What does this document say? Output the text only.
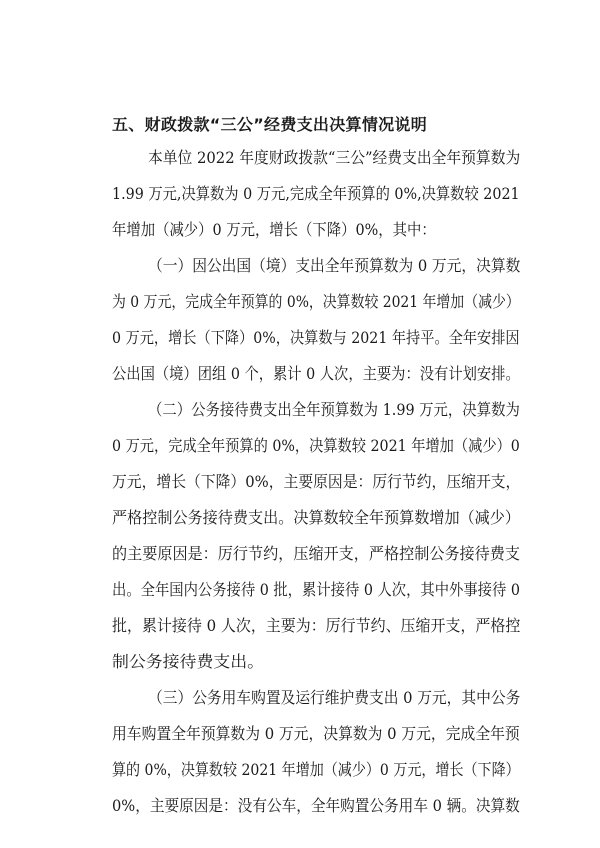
五、财政拨款“三公”经费支出决算情况说明
本单位 2022 年度财政拨款“三公”经费支出全年预算数为
1.99 万元,决算数为 0 万元,完成全年预算的 0%,决算数较 2021
年增加（减少）0 万元，增长（下降）0%，其中：
（一）因公出国（境）支出全年预算数为 0 万元，决算数
为 0 万元，完成全年预算的 0%，决算数较 2021 年增加（减少）
0 万元，增长（下降）0%，决算数与 2021 年持平。全年安排因
公出国（境）团组 0 个，累计 0 人次，主要为：没有计划安排。
（二）公务接待费支出全年预算数为 1.99 万元，决算数为
0 万元，完成全年预算的 0%，决算数较 2021 年增加（减少）0
万元，增长（下降）0%，主要原因是：厉行节约，压缩开支，
严格控制公务接待费支出。决算数较全年预算数增加（减少）
的主要原因是：厉行节约，压缩开支，严格控制公务接待费支
出。全年国内公务接待 0 批，累计接待 0 人次，其中外事接待 0
批，累计接待 0 人次，主要为：厉行节约、压缩开支，严格控
制公务接待费支出。
（三）公务用车购置及运行维护费支出 0 万元，其中公务
用车购置全年预算数为 0 万元，决算数为 0 万元，完成全年预
算的 0%，决算数较 2021 年增加（减少）0 万元，增长（下降）
0%，主要原因是：没有公车，全年购置公务用车 0 辆。决算数
